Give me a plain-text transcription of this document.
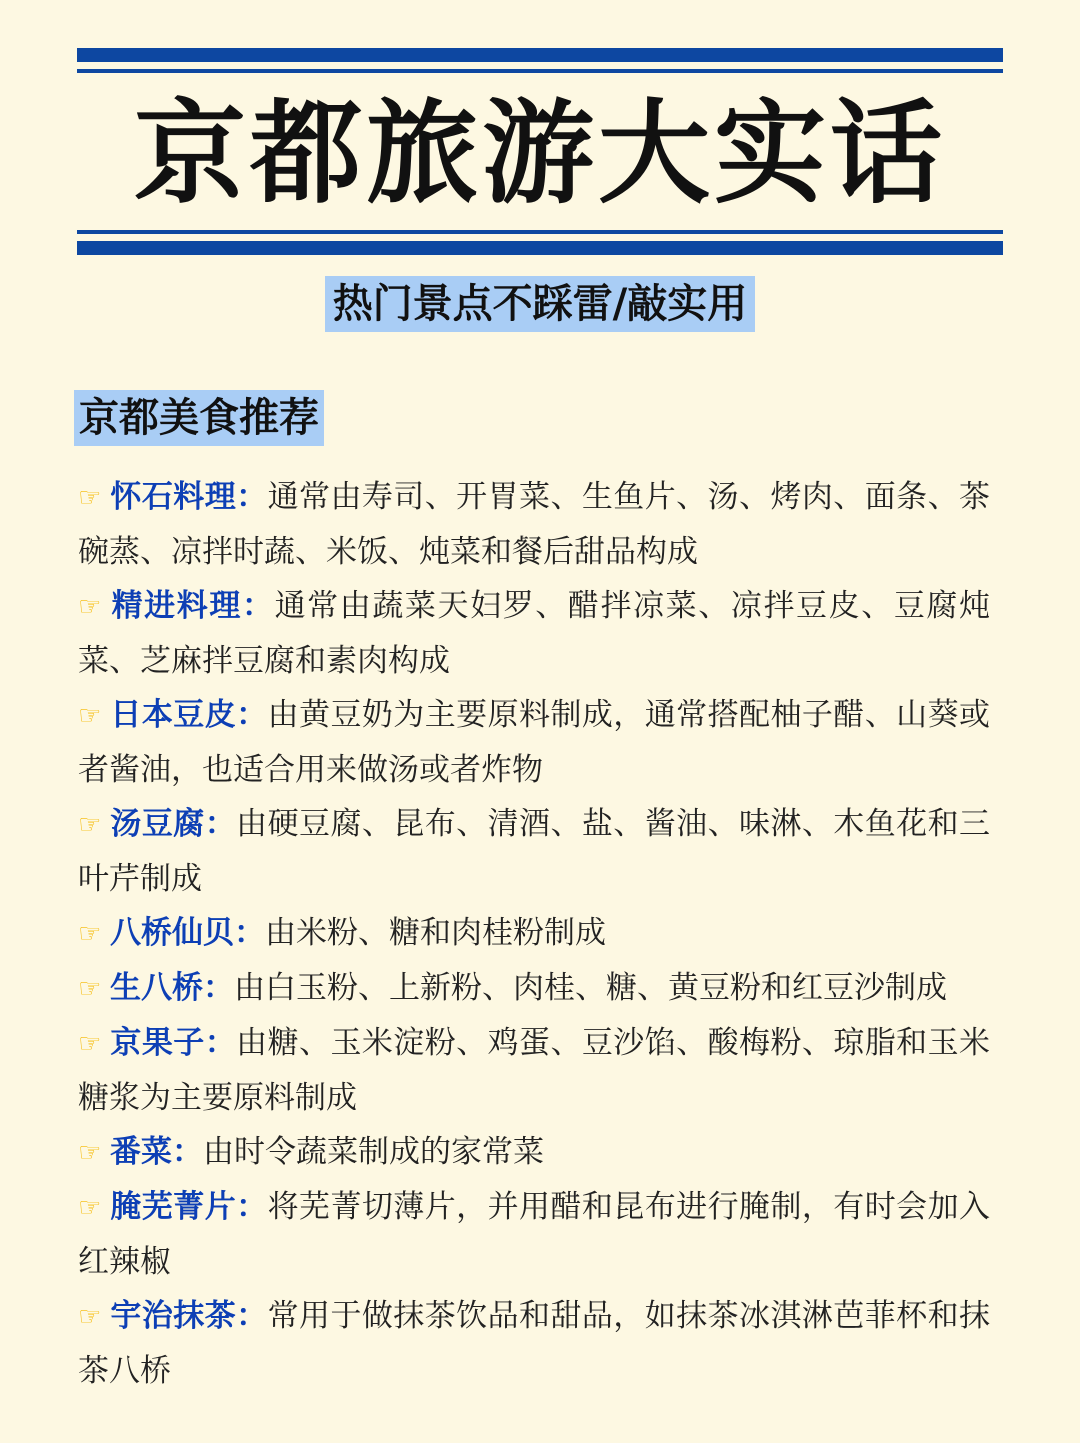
京都旅游大实话
热门景点不踩雷/敲实用
京都美食推荐
☞ 怀石料理：通常由寿司、开胃菜、生鱼片、汤、烤肉、面条、茶碗蒸、凉拌时蔬、米饭、炖菜和餐后甜品构成
☞ 精进料理：通常由蔬菜天妇罗、醋拌凉菜、凉拌豆皮、豆腐炖菜、芝麻拌豆腐和素肉构成
☞ 日本豆皮：由黄豆奶为主要原料制成，通常搭配柚子醋、山葵或者酱油，也适合用来做汤或者炸物
☞ 汤豆腐：由硬豆腐、昆布、清酒、盐、酱油、味淋、木鱼花和三叶芹制成
☞ 八桥仙贝：由米粉、糖和肉桂粉制成
☞ 生八桥：由白玉粉、上新粉、肉桂、糖、黄豆粉和红豆沙制成
☞ 京果子：由糖、玉米淀粉、鸡蛋、豆沙馅、酸梅粉、琼脂和玉米糖浆为主要原料制成
☞ 番菜：由时令蔬菜制成的家常菜
☞ 腌芜菁片：将芜菁切薄片，并用醋和昆布进行腌制，有时会加入红辣椒
☞ 宇治抹茶：常用于做抹茶饮品和甜品，如抹茶冰淇淋芭菲杯和抹茶八桥
